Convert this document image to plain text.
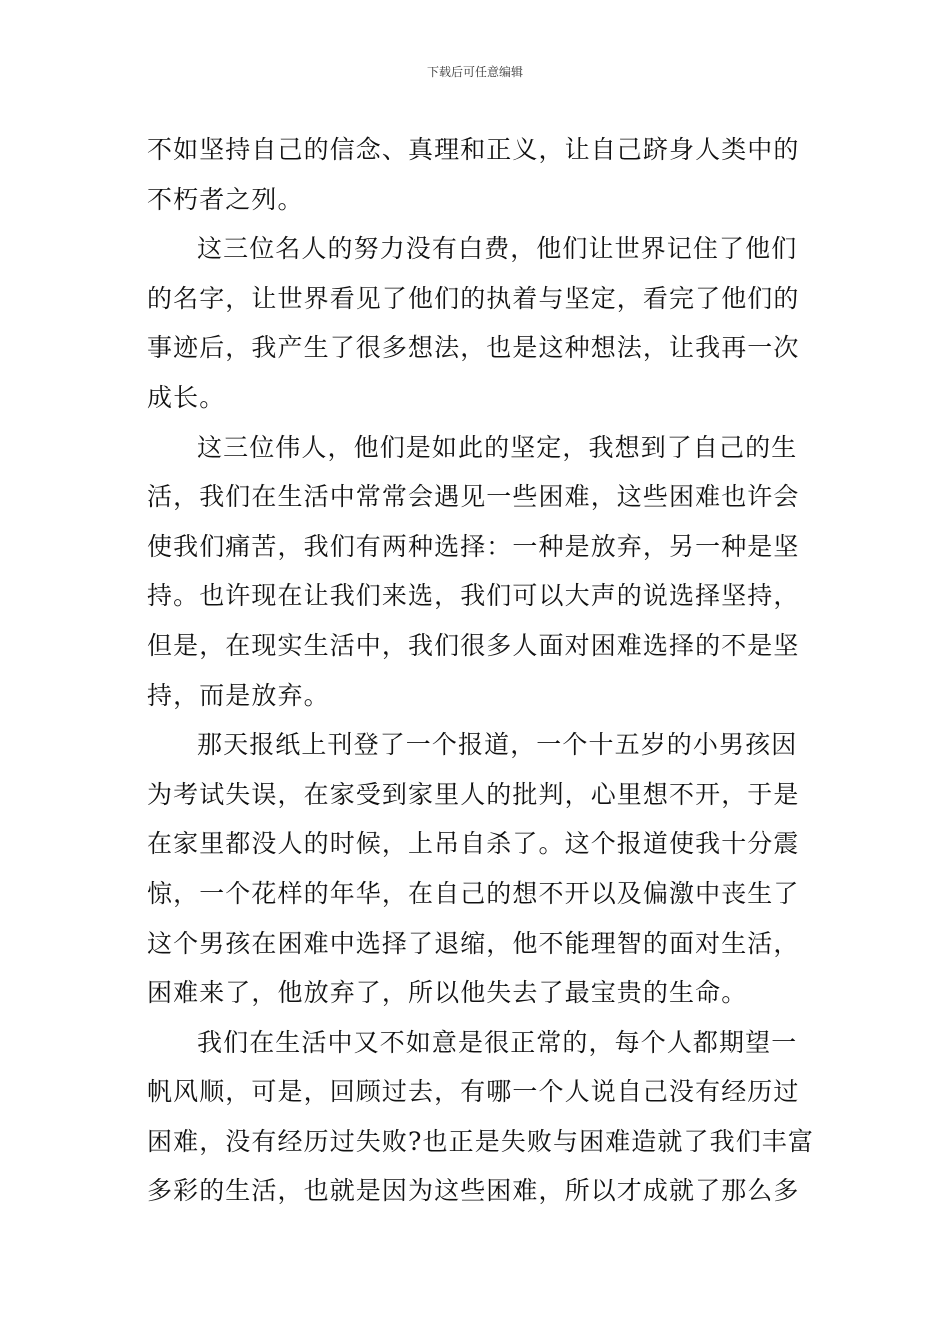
下载后可任意编辑
不如坚持自己的信念、真理和正义，让自己跻身人类中的
不朽者之列。
这三位名人的努力没有白费，他们让世界记住了他们
的名字，让世界看见了他们的执着与坚定，看完了他们的
事迹后，我产生了很多想法，也是这种想法，让我再一次
成长。
这三位伟人，他们是如此的坚定，我想到了自己的生
活，我们在生活中常常会遇见一些困难，这些困难也许会
使我们痛苦，我们有两种选择：一种是放弃，另一种是坚
持。也许现在让我们来选，我们可以大声的说选择坚持，
但是，在现实生活中，我们很多人面对困难选择的不是坚
持，而是放弃。
那天报纸上刊登了一个报道，一个十五岁的小男孩因
为考试失误，在家受到家里人的批判，心里想不开，于是
在家里都没人的时候，上吊自杀了。这个报道使我十分震
惊，一个花样的年华，在自己的想不开以及偏激中丧生了
这个男孩在困难中选择了退缩，他不能理智的面对生活，
困难来了，他放弃了，所以他失去了最宝贵的生命。
我们在生活中又不如意是很正常的，每个人都期望一
帆风顺，可是，回顾过去，有哪一个人说自己没有经历过
困难，没有经历过失败?也正是失败与困难造就了我们丰富
多彩的生活，也就是因为这些困难，所以才成就了那么多
